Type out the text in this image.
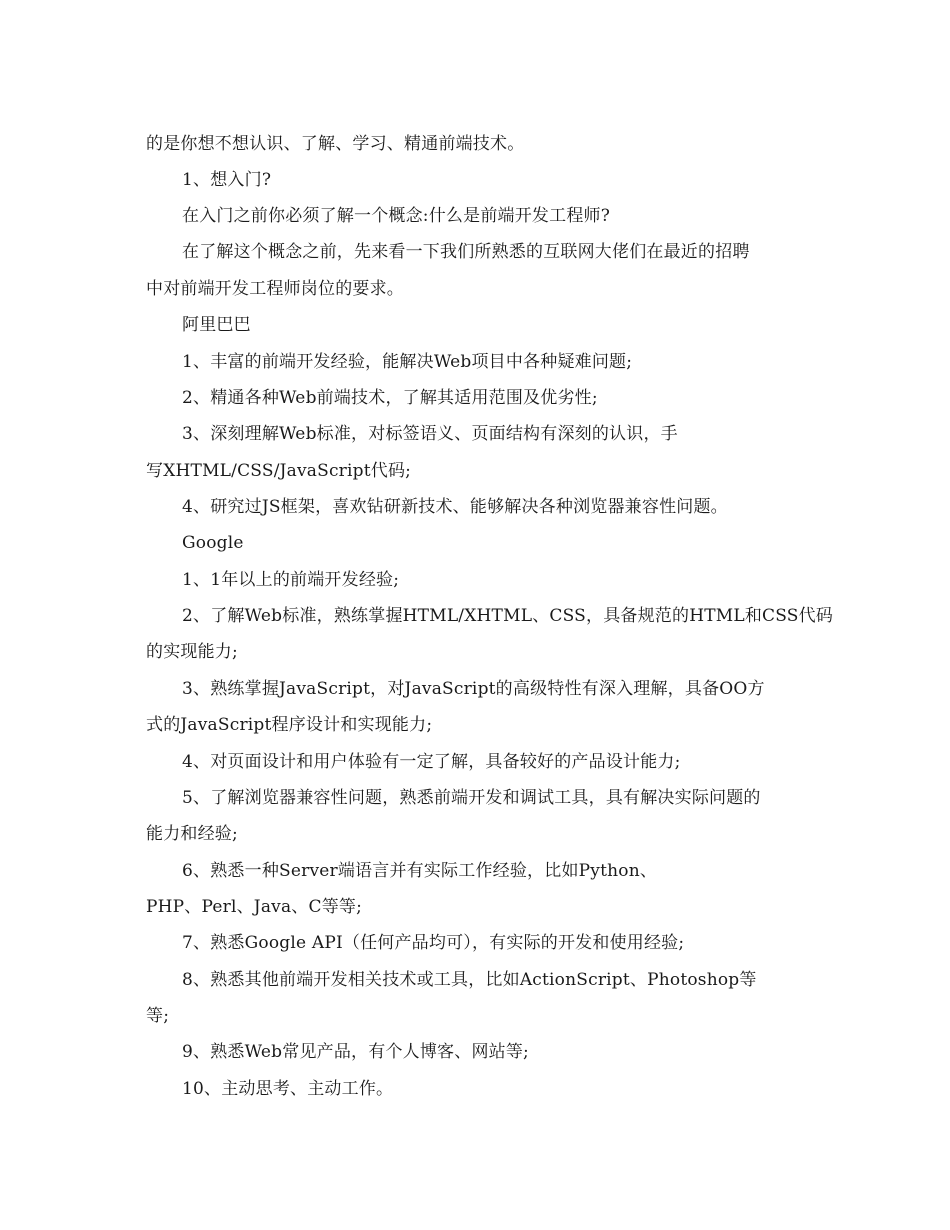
的是你想不想认识、了解、学习、精通前端技术。
1、想入门?
在入门之前你必须了解一个概念:什么是前端开发工程师?
在了解这个概念之前，先来看一下我们所熟悉的互联网大佬们在最近的招聘
中对前端开发工程师岗位的要求。
阿里巴巴
1、丰富的前端开发经验，能解决Web项目中各种疑难问题;
2、精通各种Web前端技术，了解其适用范围及优劣性;
3、深刻理解Web标准，对标签语义、页面结构有深刻的认识，手
写XHTML/CSS/JavaScript代码;
4、研究过JS框架，喜欢钻研新技术、能够解决各种浏览器兼容性问题。
Google
1、1年以上的前端开发经验;
2、了解Web标准，熟练掌握HTML/XHTML、CSS，具备规范的HTML和CSS代码
的实现能力;
3、熟练掌握JavaScript，对JavaScript的高级特性有深入理解，具备OO方
式的JavaScript程序设计和实现能力;
4、对页面设计和用户体验有一定了解，具备较好的产品设计能力;
5、了解浏览器兼容性问题，熟悉前端开发和调试工具，具有解决实际问题的
能力和经验;
6、熟悉一种Server端语言并有实际工作经验，比如Python、
PHP、Perl、Java、C等等;
7、熟悉Google API（任何产品均可），有实际的开发和使用经验;
8、熟悉其他前端开发相关技术或工具，比如ActionScript、Photoshop等
等;
9、熟悉Web常见产品，有个人博客、网站等;
10、主动思考、主动工作。
